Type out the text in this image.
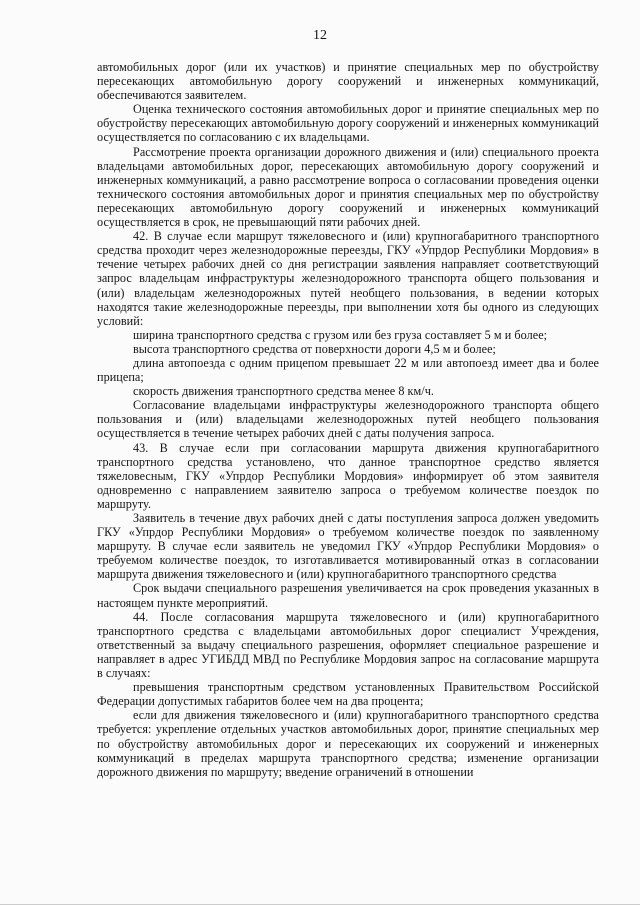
12

автомобильных дорог (или их участков) и принятие специальных мер по обустройству пересекающих автомобильную дорогу сооружений и инженерных коммуникаций, обеспечиваются заявителем.

Оценка технического состояния автомобильных дорог и принятие специальных мер по обустройству пересекающих автомобильную дорогу сооружений и инженерных коммуникаций осуществляется по согласованию с их владельцами.

Рассмотрение проекта организации дорожного движения и (или) специального проекта владельцами автомобильных дорог, пересекающих автомобильную дорогу сооружений и инженерных коммуникаций, а равно рассмотрение вопроса о согласовании проведения оценки технического состояния автомобильных дорог и принятия специальных мер по обустройству пересекающих автомобильную дорогу сооружений и инженерных коммуникаций осуществляется в срок, не превышающий пяти рабочих дней.

42. В случае если маршрут тяжеловесного и (или) крупногабаритного транспортного средства проходит через железнодорожные переезды, ГКУ «Упрдор Республики Мордовия» в течение четырех рабочих дней со дня регистрации заявления направляет соответствующий запрос владельцам инфраструктуры железнодорожного транспорта общего пользования и (или) владельцам железнодорожных путей необщего пользования, в ведении которых находятся такие железнодорожные переезды, при выполнении хотя бы одного из следующих условий:

ширина транспортного средства с грузом или без груза составляет 5 м и более;

высота транспортного средства от поверхности дороги 4,5 м и более;

длина автопоезда с одним прицепом превышает 22 м или автопоезд имеет два и более прицепа;

скорость движения транспортного средства менее 8 км/ч.

Согласование владельцами инфраструктуры железнодорожного транспорта общего пользования и (или) владельцами железнодорожных путей необщего пользования осуществляется в течение четырех рабочих дней с даты получения запроса.

43. В случае если при согласовании маршрута движения крупногабаритного транспортного средства установлено, что данное транспортное средство является тяжеловесным, ГКУ «Упрдор Республики Мордовия» информирует об этом заявителя одновременно с направлением заявителю запроса о требуемом количестве поездок по маршруту.

Заявитель в течение двух рабочих дней с даты поступления запроса должен уведомить ГКУ «Упрдор Республики Мордовия» о требуемом количестве поездок по заявленному маршруту. В случае если заявитель не уведомил ГКУ «Упрдор Республики Мордовия» о требуемом количестве поездок, то изготавливается мотивированный отказ в согласовании маршрута движения тяжеловесного и (или) крупногабаритного транспортного средства

Срок выдачи специального разрешения увеличивается на срок проведения указанных в настоящем пункте мероприятий.

44. После согласования маршрута тяжеловесного и (или) крупногабаритного транспортного средства с владельцами автомобильных дорог специалист Учреждения, ответственный за выдачу специального разрешения, оформляет специальное разрешение и направляет в адрес УГИБДД МВД по Республике Мордовия запрос на согласование маршрута в случаях:

превышения транспортным средством установленных Правительством Российской Федерации допустимых габаритов более чем на два процента;

если для движения тяжеловесного и (или) крупногабаритного транспортного средства требуется: укрепление отдельных участков автомобильных дорог, принятие специальных мер по обустройству автомобильных дорог и пересекающих их сооружений и инженерных коммуникаций в пределах маршрута транспортного средства; изменение организации дорожного движения по маршруту; введение ограничений в отношении
